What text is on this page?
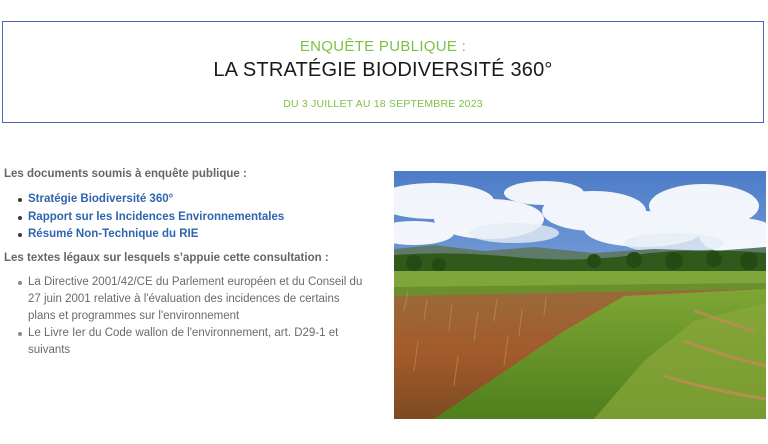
ENQUÊTE PUBLIQUE :
LA STRATÉGIE BIODIVERSITÉ 360°
DU 3 JUILLET AU 18 SEPTEMBRE 2023

Les documents soumis à enquête publique :

Stratégie Biodiversité 360°
Rapport sur les Incidences Environnementales
Résumé Non-Technique du RIE

Les textes légaux sur lesquels s’appuie cette consultation :

La Directive 2001/42/CE du Parlement européen et du Conseil du 27 juin 2001 relative à l'évaluation des incidences de certains plans et programmes sur l'environnement
Le Livre Ier du Code wallon de l'environnement, art. D29-1 et suivants
